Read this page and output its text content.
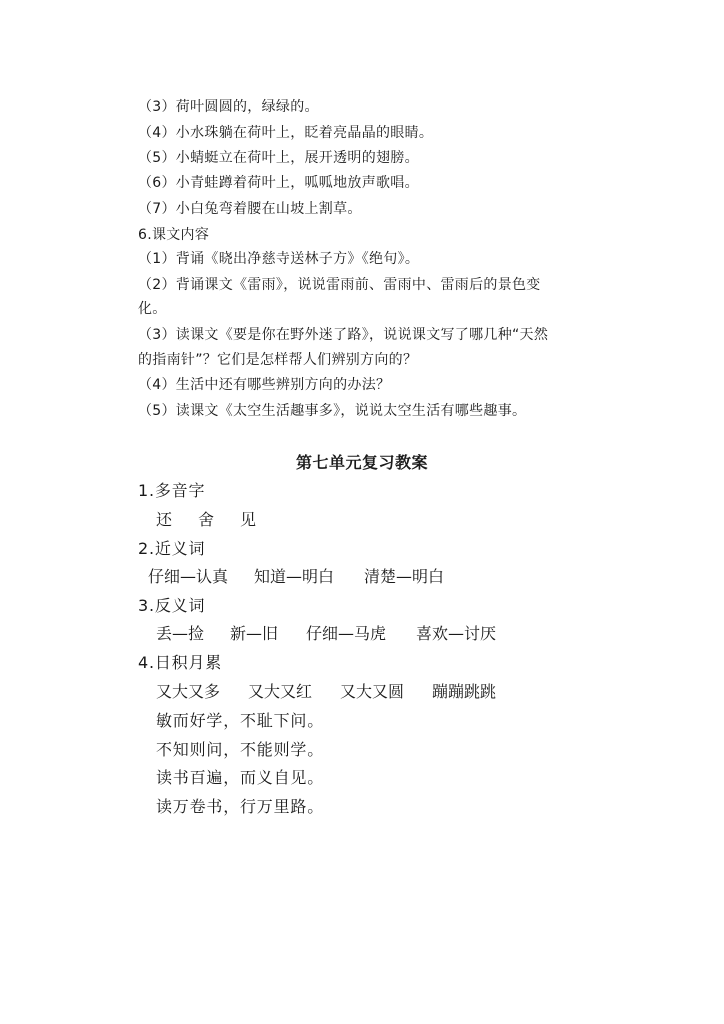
（3）荷叶圆圆的，绿绿的。
（4）小水珠躺在荷叶上，眨着亮晶晶的眼睛。
（5）小蜻蜓立在荷叶上，展开透明的翅膀。
（6）小青蛙蹲着荷叶上，呱呱地放声歌唱。
（7）小白兔弯着腰在山坡上割草。
6.课文内容
（1）背诵《晓出净慈寺送林子方》《绝句》。
（2）背诵课文《雷雨》，说说雷雨前、雷雨中、雷雨后的景色变
化。
（3）读课文《要是你在野外迷了路》，说说课文写了哪几种“天然
的指南针”？它们是怎样帮人们辨别方向的？
（4）生活中还有哪些辨别方向的办法？
（5）读课文《太空生活趣事多》，说说太空生活有哪些趣事。
第七单元复习教案
1.多音字
还 舍 见
2.近义词
仔细—认真 知道—明白 清楚—明白
3.反义词
丢—捡 新—旧 仔细—马虎 喜欢—讨厌
4.日积月累
又大又多 又大又红 又大又圆 蹦蹦跳跳
敏而好学，不耻下问。
不知则问，不能则学。
读书百遍，而义自见。
读万卷书，行万里路。
